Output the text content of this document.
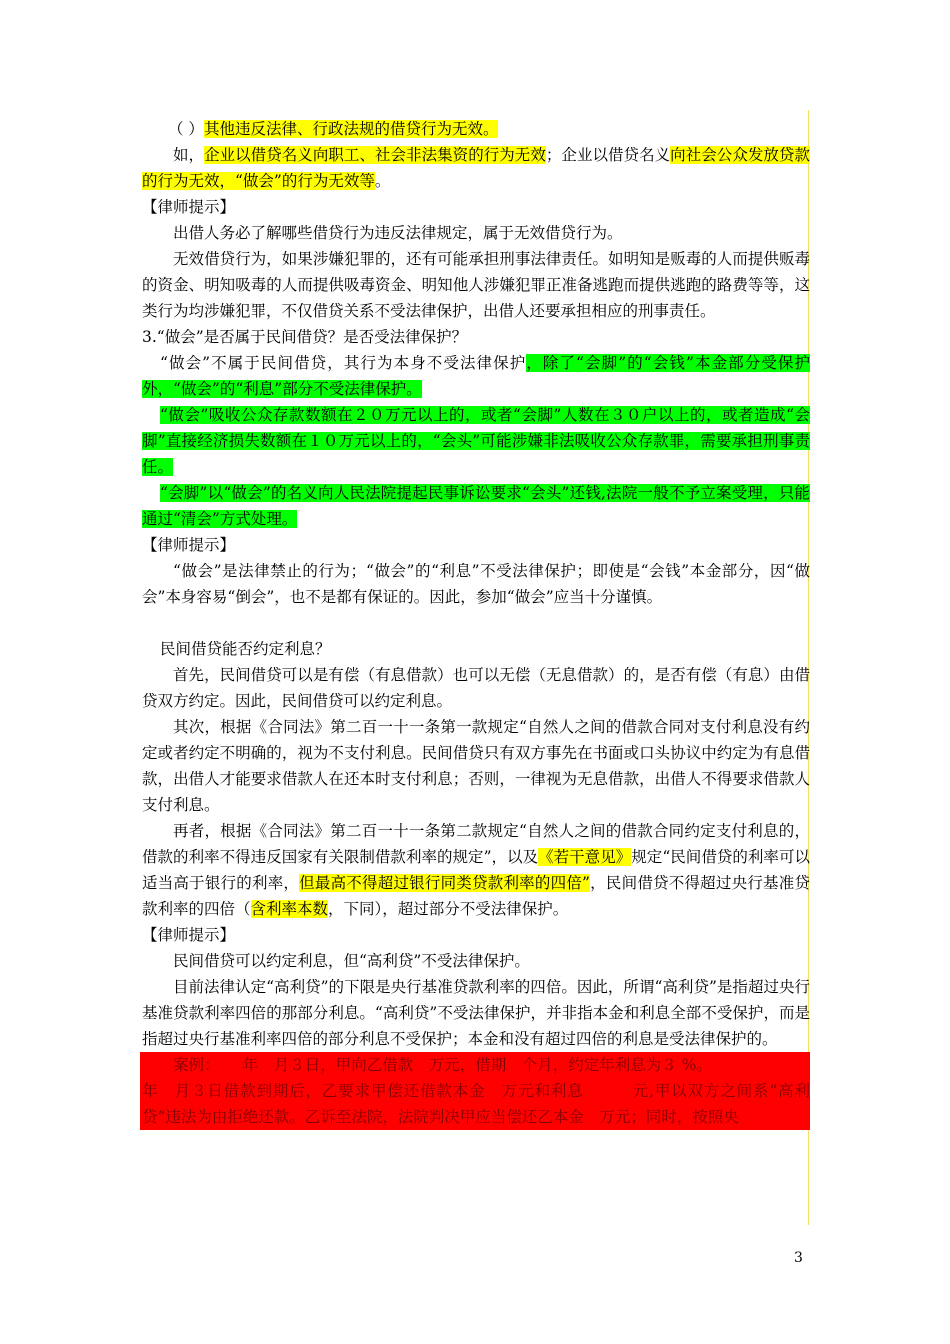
（ ）其他违反法律、行政法规的借贷行为无效。

如，企业以借贷名义向职工、社会非法集资的行为无效；企业以借贷名义向社会公众发放贷款的行为无效，“做会”的行为无效等。

【律师提示】

出借人务必了解哪些借贷行为违反法律规定，属于无效借贷行为。

无效借贷行为，如果涉嫌犯罪的，还有可能承担刑事法律责任。如明知是贩毒的人而提供贩毒的资金、明知吸毒的人而提供吸毒资金、明知他人涉嫌犯罪正准备逃跑而提供逃跑的路费等等，这类行为均涉嫌犯罪，不仅借贷关系不受法律保护，出借人还要承担相应的刑事责任。

3.“做会”是否属于民间借贷？是否受法律保护？

“做会”不属于民间借贷，其行为本身不受法律保护，除了“会脚”的“会钱”本金部分受保护外，“做会”的“利息”部分不受法律保护。

“做会”吸收公众存款数额在２０万元以上的，或者“会脚”人数在３０户以上的，或者造成“会脚”直接经济损失数额在１０万元以上的，“会头”可能涉嫌非法吸收公众存款罪，需要承担刑事责任。

“会脚”以“做会”的名义向人民法院提起民事诉讼要求“会头”还钱,法院一般不予立案受理，只能通过“清会”方式处理。

【律师提示】

“做会”是法律禁止的行为；“做会”的“利息”不受法律保护；即使是“会钱”本金部分，因“做会”本身容易“倒会”，也不是都有保证的。因此，参加“做会”应当十分谨慎。

民间借贷能否约定利息？

首先，民间借贷可以是有偿（有息借款）也可以无偿（无息借款）的，是否有偿（有息）由借贷双方约定。因此，民间借贷可以约定利息。

其次，根据《合同法》第二百一十一条第一款规定“自然人之间的借款合同对支付利息没有约定或者约定不明确的，视为不支付利息。民间借贷只有双方事先在书面或口头协议中约定为有息借款，出借人才能要求借款人在还本时支付利息；否则，一律视为无息借款，出借人不得要求借款人支付利息。

再者，根据《合同法》第二百一十一条第二款规定“自然人之间的借款合同约定支付利息的，借款的利率不得违反国家有关限制借款利率的规定”，以及《若干意见》规定“民间借贷的利率可以适当高于银行的利率，但最高不得超过银行同类贷款利率的四倍”，民间借贷不得超过央行基准贷款利率的四倍（含利率本数，下同），超过部分不受法律保护。

【律师提示】

民间借贷可以约定利息，但“高利贷”不受法律保护。

目前法律认定“高利贷”的下限是央行基准贷款利率的四倍。因此，所谓“高利贷”是指超过央行基准贷款利率四倍的那部分利息。“高利贷”不受法律保护，并非指本金和利息全部不受保护，而是指超过央行基准利率四倍的部分利息不受保护；本金和没有超过四倍的利息是受法律保护的。

案例：　　年　月３日，甲向乙借款　万元，借期　个月，约定年利息为３ %。

年　月３日借款到期后，乙要求甲偿还借款本金　万元和利息　　　元,甲以双方之间系“高利贷”违法为由拒绝还款。乙诉至法院，法院判决甲应当偿还乙本金　万元；同时，按照央

3
